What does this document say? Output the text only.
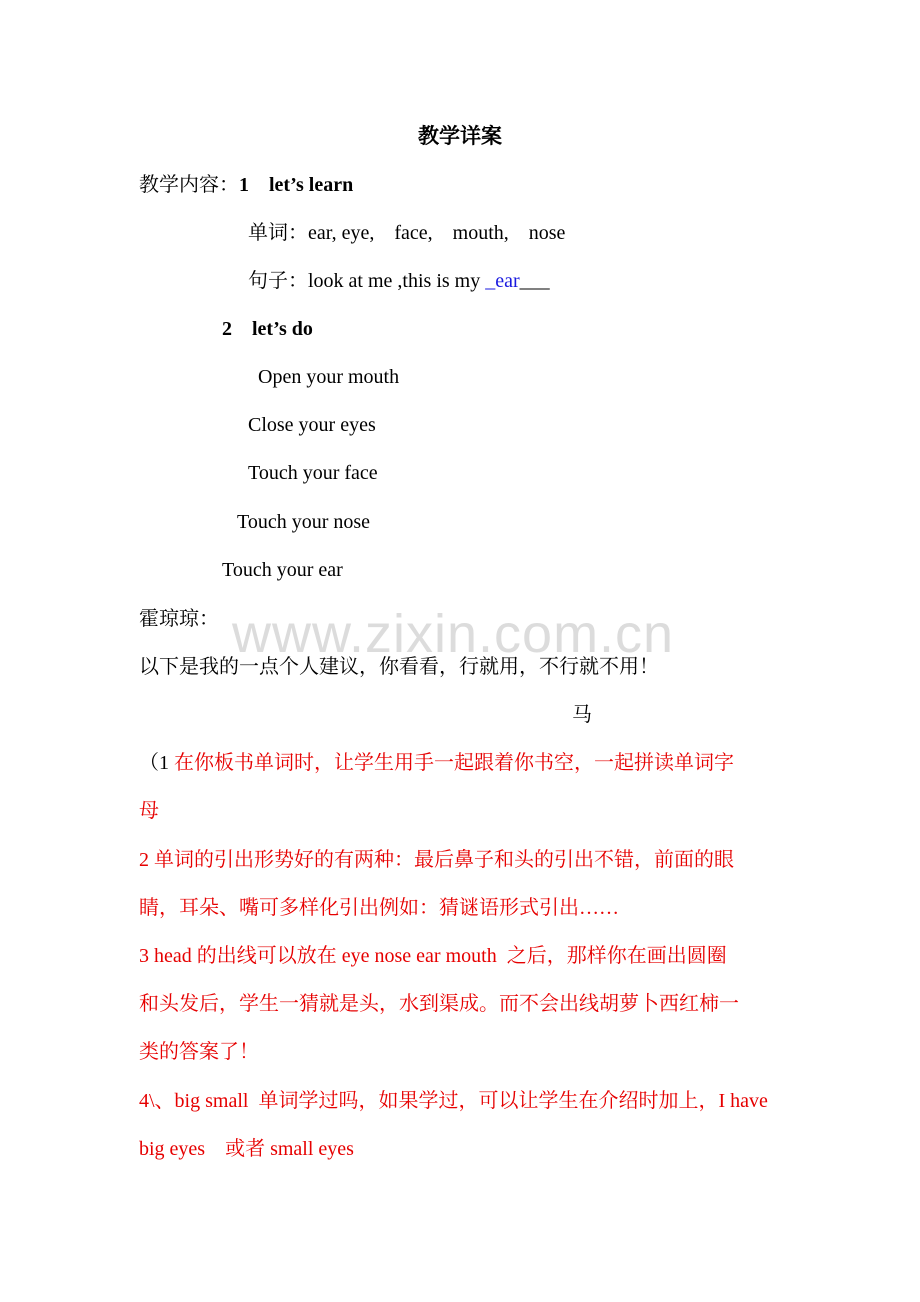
教学详案
教学内容：1 let’s learn
单词：ear, eye,    face,    mouth,    nose
句子：look at me ,this is my _ear___
2 let’s do
Open your mouth
Close your eyes
Touch your face
Touch your nose
Touch your ear
霍琼琼： www.zixin.com.cn
以下是我的一点个人建议，你看看，行就用，不行就不用！
马
（1 在你板书单词时，让学生用手一起跟着你书空，一起拼读单词字
母
2 单词的引出形势好的有两种：最后鼻子和头的引出不错，前面的眼
睛，耳朵、嘴可多样化引出例如：猜谜语形式引出……
3 head 的出线可以放在 eye nose ear mouth  之后，那样你在画出圆圈
和头发后，学生一猜就是头，水到渠成。而不会出线胡萝卜西红柿一
类的答案了！
4\、big small  单词学过吗，如果学过，可以让学生在介绍时加上，I have
big eyes    或者 small eyes
